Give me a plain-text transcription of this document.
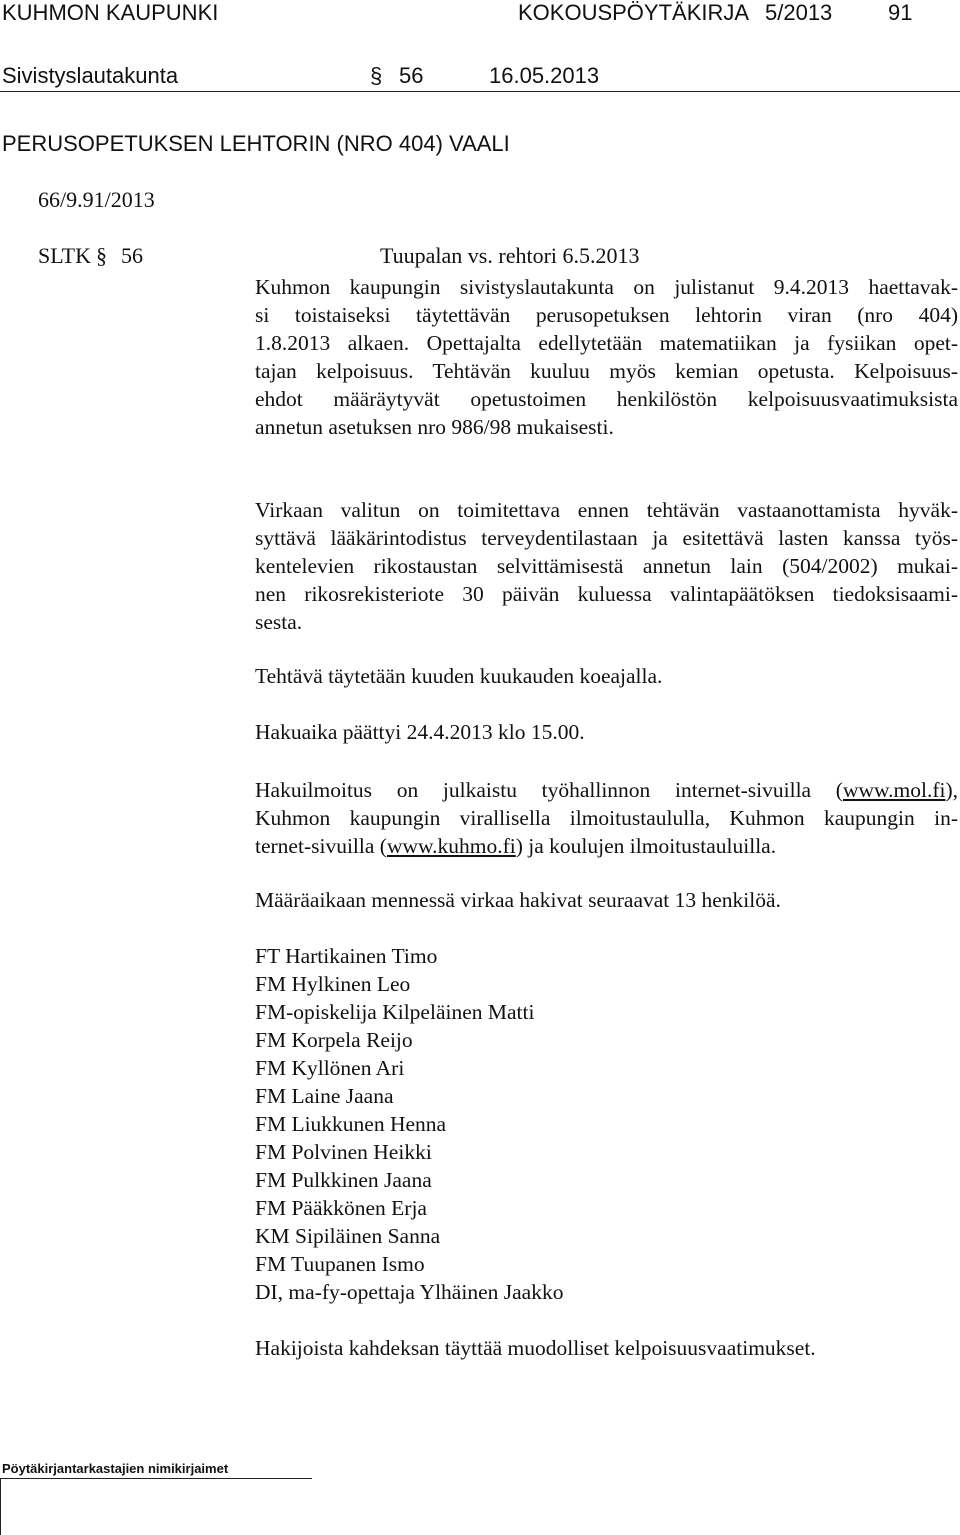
KUHMON KAUPUNKI	KOKOUSPÖYTÄKIRJA 5/2013	91
Sivistyslautakunta	§ 56	16.05.2013
PERUSOPETUKSEN LEHTORIN (NRO 404) VAALI
66/9.91/2013
SLTK § 56	Tuupalan vs. rehtori 6.5.2013
Kuhmon kaupungin sivistyslautakunta on julistanut 9.4.2013 haettavak-
si toistaiseksi täytettävän perusopetuksen lehtorin viran (nro 404)
1.8.2013 alkaen. Opettajalta edellytetään matematiikan ja fysiikan opet-
tajan kelpoisuus. Tehtävän kuuluu myös kemian opetusta. Kelpoisuus-
ehdot määräytyvät opetustoimen henkilöstön kelpoisuusvaatimuksista
annetun asetuksen nro 986/98 mukaisesti.
Virkaan valitun on toimitettava ennen tehtävän vastaanottamista hyväk-
syttävä lääkärintodistus terveydentilastaan ja esitettävä lasten kanssa työs-
kentelevien rikostaustan selvittämisestä annetun lain (504/2002) mukai-
nen rikosrekisteriote 30 päivän kuluessa valintapäätöksen tiedoksisaami-
sesta.
Tehtävä täytetään kuuden kuukauden koeajalla.
Hakuaika päättyi 24.4.2013 klo 15.00.
Hakuilmoitus on julkaistu työhallinnon internet-sivuilla (www.mol.fi),
Kuhmon kaupungin virallisella ilmoitustaululla, Kuhmon kaupungin in-
ternet-sivuilla (www.kuhmo.fi) ja koulujen ilmoitustauluilla.
Määräaikaan mennessä virkaa hakivat seuraavat 13 henkilöä.
FT Hartikainen Timo
FM Hylkinen Leo
FM-opiskelija Kilpeläinen Matti
FM Korpela Reijo
FM Kyllönen Ari
FM Laine Jaana
FM Liukkunen Henna
FM Polvinen Heikki
FM Pulkkinen Jaana
FM Pääkkönen Erja
KM Sipiläinen Sanna
FM Tuupanen Ismo
DI, ma-fy-opettaja Ylhäinen Jaakko
Hakijoista kahdeksan täyttää muodolliset kelpoisuusvaatimukset.
Pöytäkirjantarkastajien nimikirjaimet
